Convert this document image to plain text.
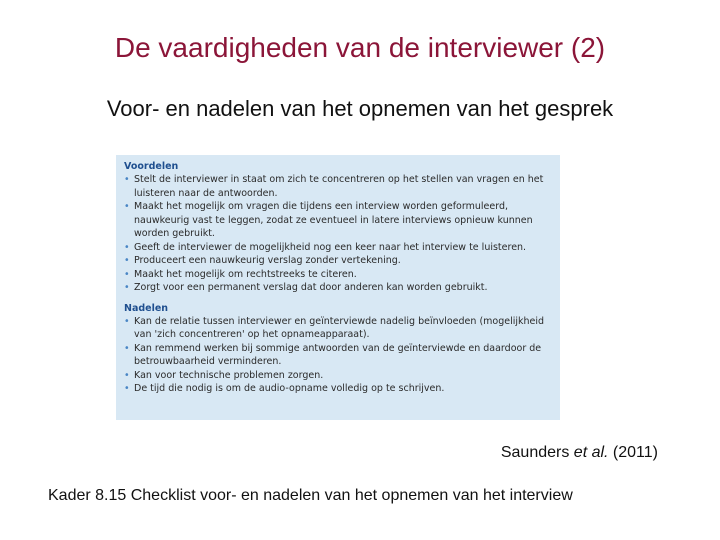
De vaardigheden van de interviewer (2)
Voor- en nadelen van het opnemen van het gesprek
Voordelen
• Stelt de interviewer in staat om zich te concentreren op het stellen van vragen en het luisteren naar de antwoorden.
• Maakt het mogelijk om vragen die tijdens een interview worden geformuleerd, nauwkeurig vast te leggen, zodat ze eventueel in latere interviews opnieuw kunnen worden gebruikt.
• Geeft de interviewer de mogelijkheid nog een keer naar het interview te luisteren.
• Produceert een nauwkeurig verslag zonder vertekening.
• Maakt het mogelijk om rechtstreeks te citeren.
• Zorgt voor een permanent verslag dat door anderen kan worden gebruikt.
Nadelen
• Kan de relatie tussen interviewer en geïnterviewde nadelig beïnvloeden (mogelijkheid van 'zich concentreren' op het opnameapparaat).
• Kan remmend werken bij sommige antwoorden van de geïnterviewde en daardoor de betrouwbaarheid verminderen.
• Kan voor technische problemen zorgen.
• De tijd die nodig is om de audio-opname volledig op te schrijven.
Saunders et al. (2011)
Kader 8.15 Checklist voor- en nadelen van het opnemen van het interview
